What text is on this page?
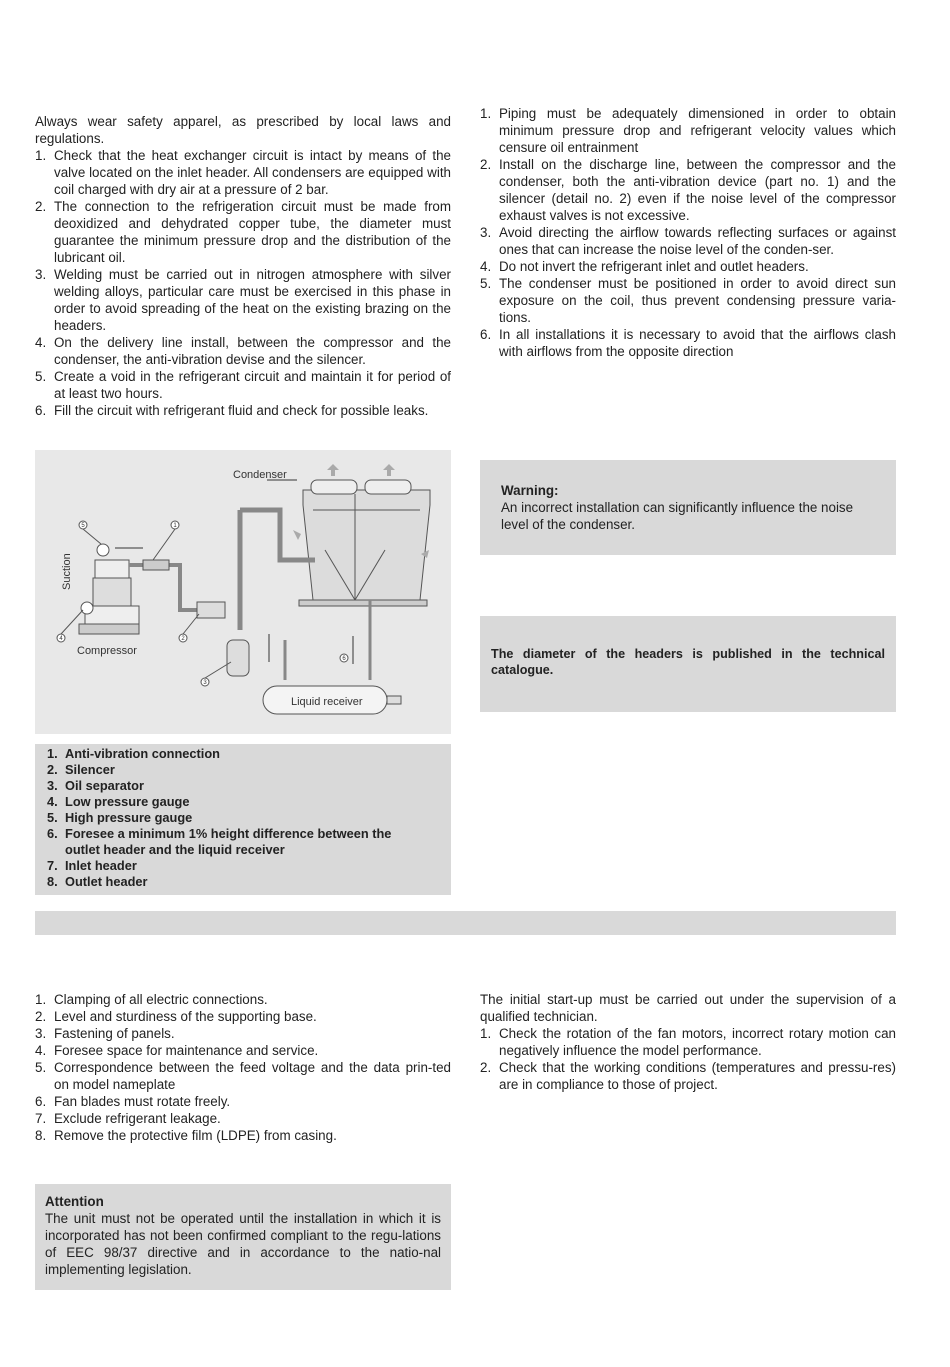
Always wear safety apparel, as prescribed by local laws and regulations.

1. Check that the heat exchanger circuit is intact by means of the valve located on the inlet header. All condensers are equipped with coil charged with dry air at a pressure of 2 bar.
2. The connection to the refrigeration circuit must be made from deoxidized and dehydrated copper tube, the diameter must guarantee the minimum pressure drop and the distribution of the lubricant oil.
3. Welding must be carried out in nitrogen atmosphere with silver welding alloys, particular care must be exercised in this phase in order to avoid spreading of the heat on the existing brazing on the headers.
4. On the delivery line install, between the compressor and the condenser, the anti-vibration devise and the silencer.
5. Create a void in the refrigerant circuit and maintain it for period of at least two hours.
6. Fill the circuit with refrigerant fluid and check for possible leaks.
1. Piping must be adequately dimensioned in order to obtain minimum pressure drop and refrigerant velocity values which censure oil entrainment
2. Install on the discharge line, between the compressor and the condenser, both the anti-vibration device (part no. 1) and the silencer (detail no. 2) even if the noise level of the compressor exhaust valves is not excessive.
3. Avoid directing the airflow towards reflecting surfaces or against ones that can increase the noise level of the conden-ser.
4. Do not invert the refrigerant inlet and outlet headers.
5. The condenser must be positioned in order to avoid direct sun exposure on the coil, thus prevent condensing pressure varia-tions.
6. In all installations it is necessary to avoid that the airflows clash with airflows from the opposite direction
Condenser
Suction
Compressor
Liquid receiver
1
2
3
4
5
6
1. Anti-vibration connection
2. Silencer
3. Oil separator
4. Low pressure gauge
5. High pressure gauge
6. Foresee a minimum 1% height difference between the outlet header and the liquid receiver
7. Inlet header
8. Outlet header

Warning:

An incorrect installation can significantly influence the noise level of the condenser.

The diameter of the headers is published in the technical catalogue.

1. Clamping of all electric connections.
2. Level and sturdiness of the supporting base.
3. Fastening of panels.
4. Foresee space for maintenance and service.
5. Correspondence between the feed voltage and the data prin-ted on model nameplate
6. Fan blades must rotate freely.
7. Exclude refrigerant leakage.
8. Remove the protective film (LDPE) from casing.

The initial start-up must be carried out under the supervision of a qualified technician.

1. Check the rotation of the fan motors, incorrect rotary motion can negatively influence the model performance.
2. Check that the working conditions (temperatures and pressu-res) are in compliance to those of project.

Attention

The unit must not be operated until the installation in which it is incorporated has not been confirmed compliant to the regu-lations of EEC 98/37 directive and in accordance to the natio-nal implementing legislation.
